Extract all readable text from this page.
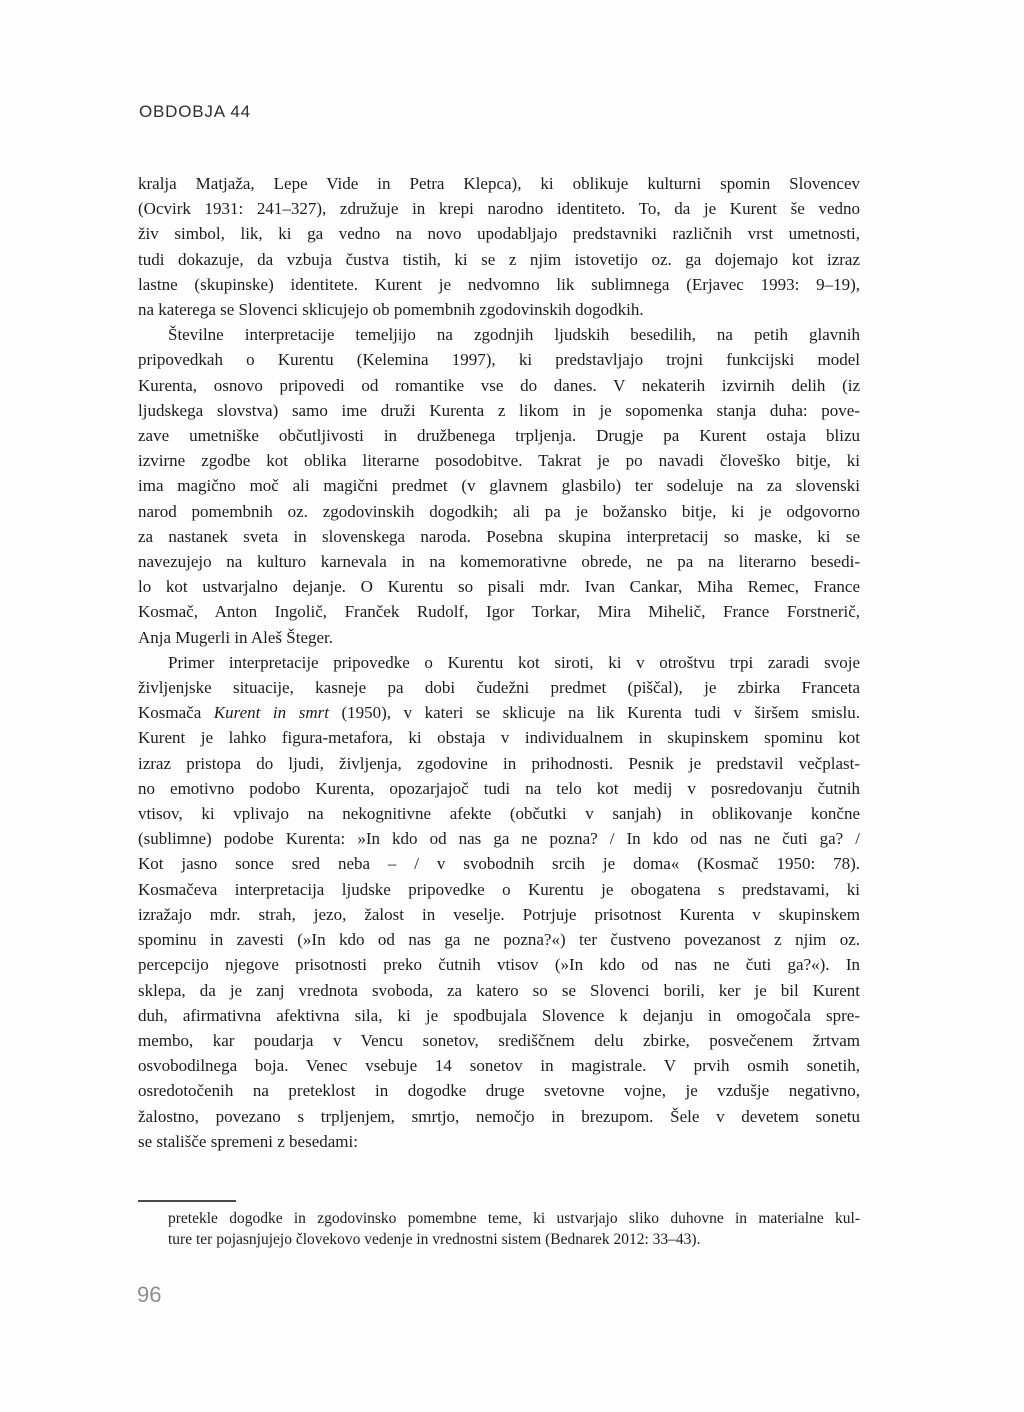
OBDOBJA 44
kralja Matjaža, Lepe Vide in Petra Klepca), ki oblikuje kulturni spomin Slovencev
(Ocvirk 1931: 241–327), združuje in krepi narodno identiteto. To, da je Kurent še vedno
živ simbol, lik, ki ga vedno na novo upodabljajo predstavniki različnih vrst umetnosti,
tudi dokazuje, da vzbuja čustva tistih, ki se z njim istovetijo oz. ga dojemajo kot izraz
lastne (skupinske) identitete. Kurent je nedvomno lik sublimnega (Erjavec 1993: 9–19),
na katerega se Slovenci sklicujejo ob pomembnih zgodovinskih dogodkih.
Številne interpretacije temeljijo na zgodnjih ljudskih besedilih, na petih glavnih
pripovedkah o Kurentu (Kelemina 1997), ki predstavljajo trojni funkcijski model
Kurenta, osnovo pripovedi od romantike vse do danes. V nekaterih izvirnih delih (iz
ljudskega slovstva) samo ime druži Kurenta z likom in je sopomenka stanja duha: pove-
zave umetniške občutljivosti in družbenega trpljenja. Drugje pa Kurent ostaja blizu
izvirne zgodbe kot oblika literarne posodobitve. Takrat je po navadi človeško bitje, ki
ima magično moč ali magični predmet (v glavnem glasbilo) ter sodeluje na za slovenski
narod pomembnih oz. zgodovinskih dogodkih; ali pa je božansko bitje, ki je odgovorno
za nastanek sveta in slovenskega naroda. Posebna skupina interpretacij so maske, ki se
navezujejo na kulturo karnevala in na komemorativne obrede, ne pa na literarno besedi-
lo kot ustvarjalno dejanje. O Kurentu so pisali mdr. Ivan Cankar, Miha Remec, France
Kosmač, Anton Ingolič, Franček Rudolf, Igor Torkar, Mira Mihelič, France Forstnerič,
Anja Mugerli in Aleš Šteger.
Primer interpretacije pripovedke o Kurentu kot siroti, ki v otroštvu trpi zaradi svoje
življenjske situacije, kasneje pa dobi čudežni predmet (piščal), je zbirka Franceta
Kosmača Kurent in smrt (1950), v kateri se sklicuje na lik Kurenta tudi v širšem smislu.
Kurent je lahko figura-metafora, ki obstaja v individualnem in skupinskem spominu kot
izraz pristopa do ljudi, življenja, zgodovine in prihodnosti. Pesnik je predstavil večplast-
no emotivno podobo Kurenta, opozarjajoč tudi na telo kot medij v posredovanju čutnih
vtisov, ki vplivajo na nekognitivne afekte (občutki v sanjah) in oblikovanje končne
(sublimne) podobe Kurenta: »In kdo od nas ga ne pozna? / In kdo od nas ne čuti ga? /
Kot jasno sonce sred neba – / v svobodnih srcih je doma« (Kosmač 1950: 78).
Kosmačeva interpretacija ljudske pripovedke o Kurentu je obogatena s predstavami, ki
izražajo mdr. strah, jezo, žalost in veselje. Potrjuje prisotnost Kurenta v skupinskem
spominu in zavesti (»In kdo od nas ga ne pozna?«) ter čustveno povezanost z njim oz.
percepcijo njegove prisotnosti preko čutnih vtisov (»In kdo od nas ne čuti ga?«). In
sklepa, da je zanj vrednota svoboda, za katero so se Slovenci borili, ker je bil Kurent
duh, afirmativna afektivna sila, ki je spodbujala Slovence k dejanju in omogočala spre-
membo, kar poudarja v Vencu sonetov, središčnem delu zbirke, posvečenem žrtvam
osvobodilnega boja. Venec vsebuje 14 sonetov in magistrale. V prvih osmih sonetih,
osredotočenih na preteklost in dogodke druge svetovne vojne, je vzdušje negativno,
žalostno, povezano s trpljenjem, smrtjo, nemočjo in brezupom. Šele v devetem sonetu
se stališče spremeni z besedami:
pretekle dogodke in zgodovinsko pomembne teme, ki ustvarjajo sliko duhovne in materialne kul-
ture ter pojasnjujejo človekovo vedenje in vrednostni sistem (Bednarek 2012: 33–43).
96
